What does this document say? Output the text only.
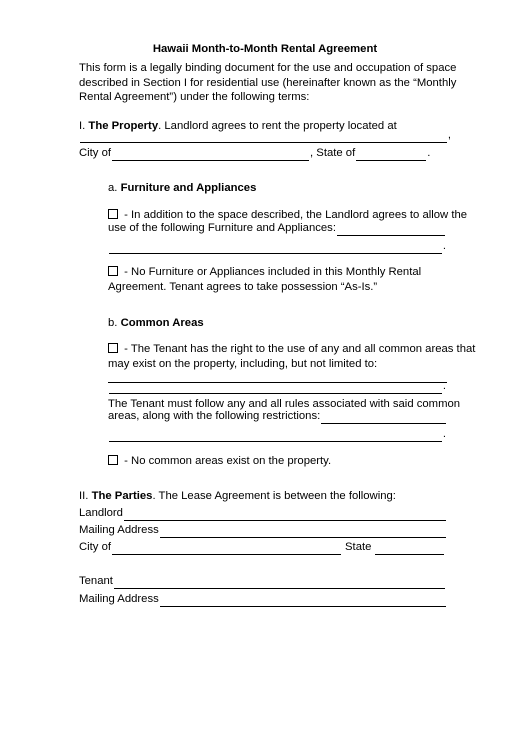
Hawaii Month-to-Month Rental Agreement
This form is a legally binding document for the use and occupation of space described in Section I for residential use (hereinafter known as the “Monthly Rental Agreement”) under the following terms:
I. The Property. Landlord agrees to rent the property located at
,
City of	, State of	.
a. Furniture and Appliances
- In addition to the space described, the Landlord agrees to allow the
use of the following Furniture and Appliances:
.
- No Furniture or Appliances included in this Monthly Rental
Agreement. Tenant agrees to take possession “As-Is.”
b. Common Areas
- The Tenant has the right to the use of any and all common areas that
may exist on the property, including, but not limited to:
.
The Tenant must follow any and all rules associated with said common
areas, along with the following restrictions:
.
- No common areas exist on the property.
II. The Parties. The Lease Agreement is between the following:
Landlord
Mailing Address
City of	State
Tenant
Mailing Address
